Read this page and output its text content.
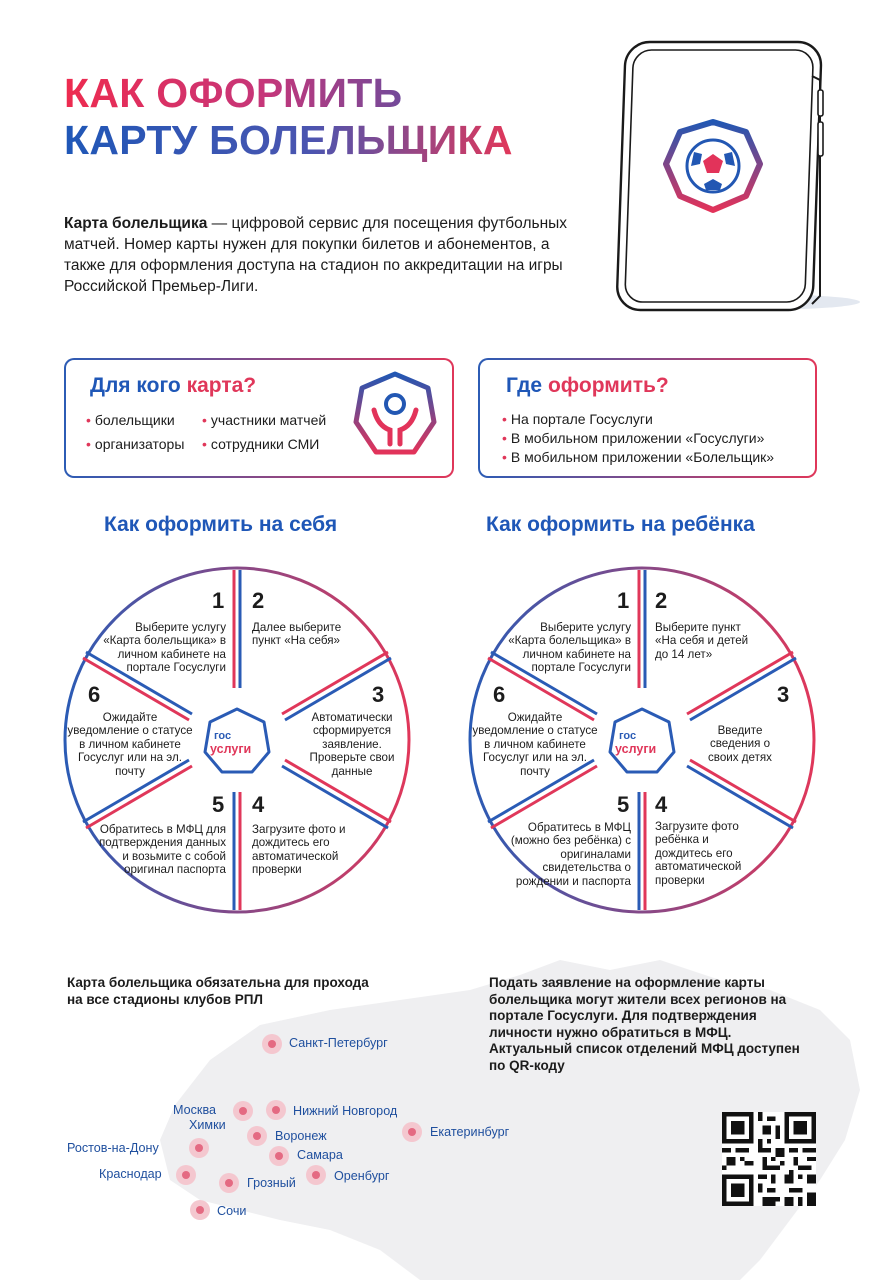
КАК ОФОРМИТЬ
КАРТУ БОЛЕЛЬЩИКА
Карта болельщика — цифровой сервис для посещения футбольных матчей. Номер карты нужен для покупки билетов и абонементов, а также для оформления доступа на стадион по аккредитации на игры Российской Премьер-Лиги.
Для кого карта?
• болельщики
• организаторы
• участники матчей
• сотрудники СМИ
Где оформить?
• На портале Госуслуги
• В мобильном приложении «Госуслуги»
• В мобильном приложении «Болельщик»
Как оформить на себя	Как оформить на ребёнка
гос
услуги
1
Выберите услугу «Карта болельщика» в личном кабинете на портале Госуслуги
2
Далее выберите пункт «На себя»
3
Автоматически сформируется заявление. Проверьте свои данные
4
Загрузите фото и дождитесь его автоматической проверки
5
Обратитесь в МФЦ для подтверждения данных и возьмите с собой оригинал паспорта
6
Ожидайте уведомление о статусе в личном кабинете Госуслуг или на эл. почту
гос
услуги
1
Выберите услугу «Карта болельщика» в личном кабинете на портале Госуслуги
2
Выберите пункт «На себя и детей до 14 лет»
3
Введите сведения о своих детях
4
Загрузите фото ребёнка и дождитесь его автоматической проверки
5
Обратитесь в МФЦ (можно без ребёнка) с оригиналами свидетельства о рождении и паспорта
6
Ожидайте уведомление о статусе в личном кабинете Госуслуг или на эл. почту
Карта болельщика обязательна для прохода на все стадионы клубов РПЛ
Подать заявление на оформление карты болельщика могут жители всех регионов на портале Госуслуги. Для подтверждения личности нужно обратиться в МФЦ. Актуальный список отделений МФЦ доступен по QR-коду
Санкт-Петербург
Москва
Химки
Нижний Новгород
Воронеж
Ростов-на-Дону	Самара
Екатеринбург
Краснодар
Грозный	Оренбург
Сочи
